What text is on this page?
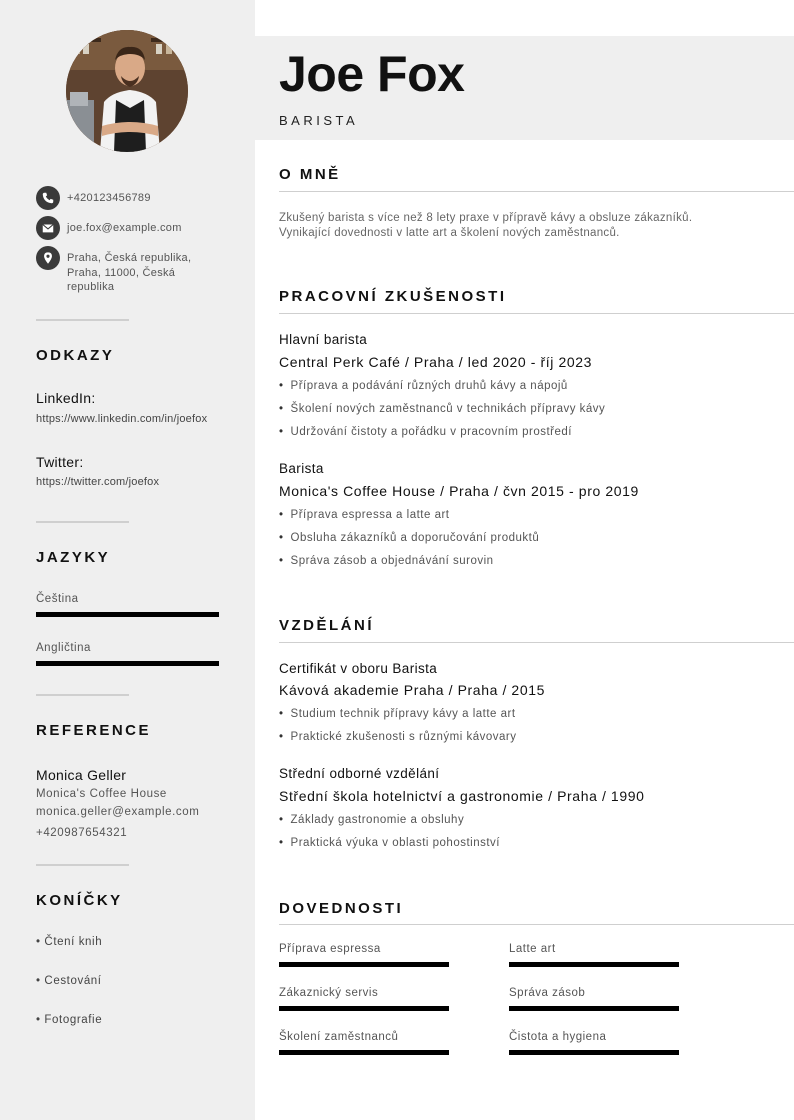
+420123456789
joe.fox@example.com
Praha, Česká republika,
Praha, 11000, Česká
republika
ODKAZY
LinkedIn:
https://www.linkedin.com/in/joefox
Twitter:
https://twitter.com/joefox
JAZYKY
Čeština
Angličtina
REFERENCE
Monica Geller
Monica's Coffee House
monica.geller@example.com
+420987654321
KONÍČKY
• Čtení knih
• Cestování
• Fotografie
Joe Fox
BARISTA
O MNĚ
Zkušený barista s více než 8 lety praxe v přípravě kávy a obsluze zákazníků.
Vynikající dovednosti v latte art a školení nových zaměstnanců.
PRACOVNÍ ZKUŠENOSTI
Hlavní barista
Central Perk Café / Praha / led 2020 - říj 2023
• Příprava a podávání různých druhů kávy a nápojů
• Školení nových zaměstnanců v technikách přípravy kávy
• Udržování čistoty a pořádku v pracovním prostředí
Barista
Monica's Coffee House / Praha / čvn 2015 - pro 2019
• Příprava espressa a latte art
• Obsluha zákazníků a doporučování produktů
• Správa zásob a objednávání surovin
VZDĚLÁNÍ
Certifikát v oboru Barista
Kávová akademie Praha / Praha / 2015
• Studium technik přípravy kávy a latte art
• Praktické zkušenosti s různými kávovary
Střední odborné vzdělání
Střední škola hotelnictví a gastronomie / Praha / 1990
• Základy gastronomie a obsluhy
• Praktická výuka v oblasti pohostinství
DOVEDNOSTI
Příprava espressa	Latte art
Zákaznický servis	Správa zásob
Školení zaměstnanců	Čistota a hygiena
